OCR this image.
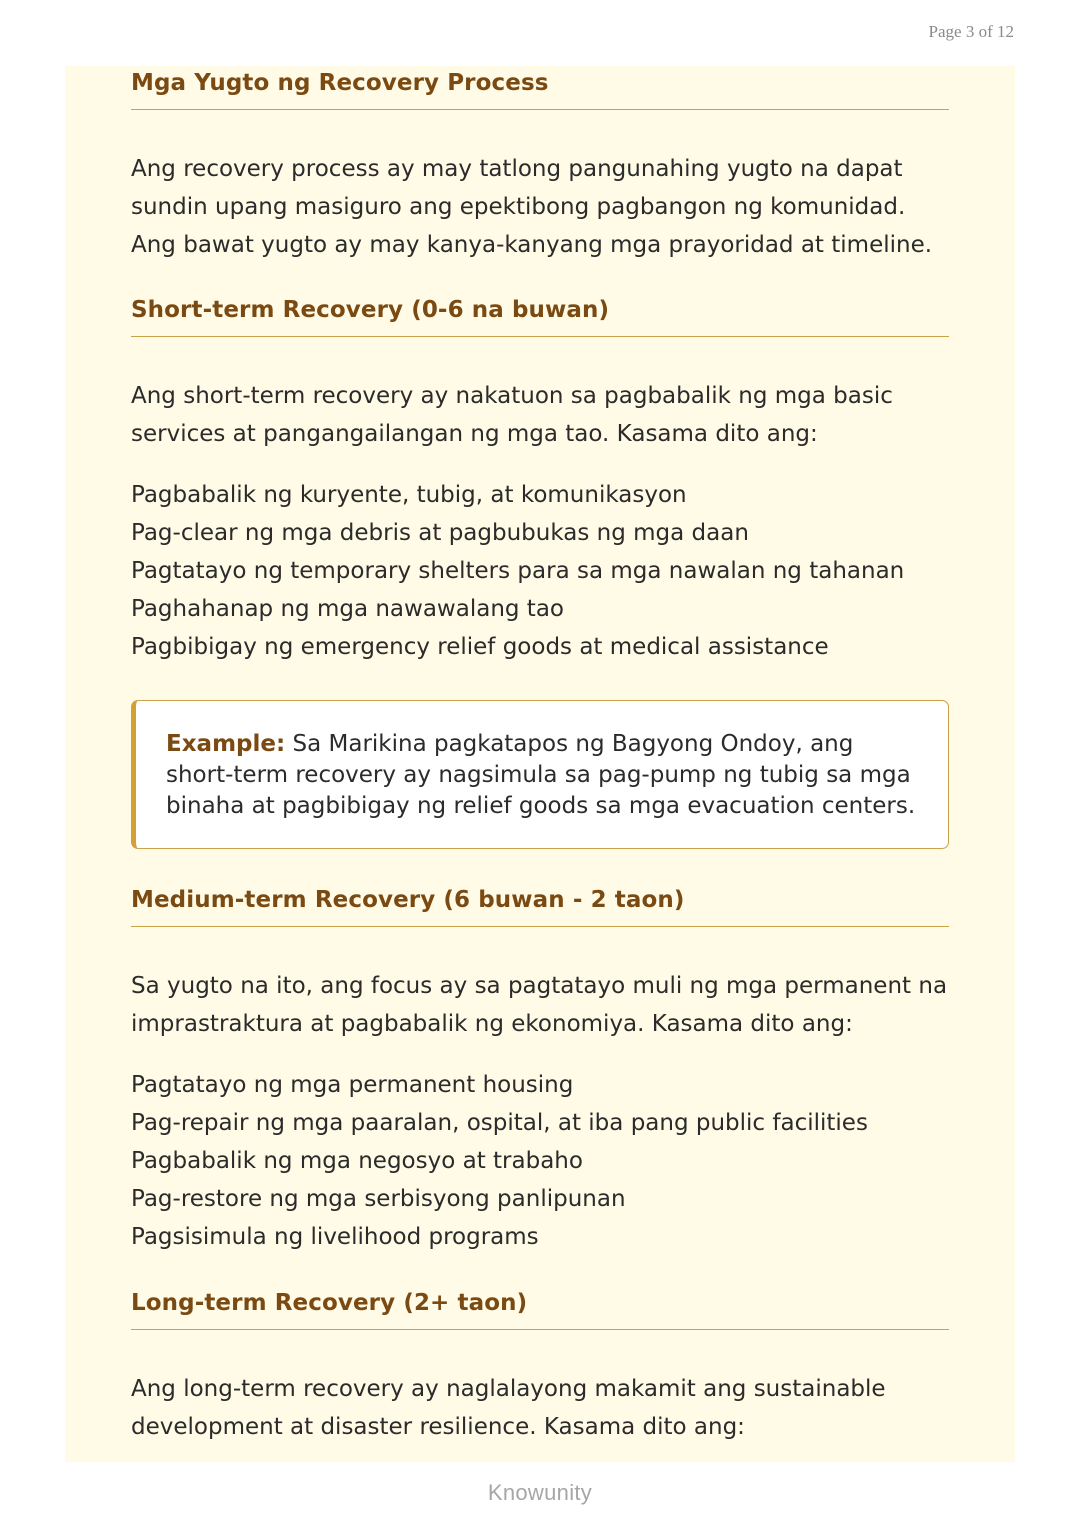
Page 3 of 12
Mga Yugto ng Recovery Process

Ang recovery process ay may tatlong pangunahing yugto na dapat sundin upang masiguro ang epektibong pagbangon ng komunidad. Ang bawat yugto ay may kanya-kanyang mga prayoridad at timeline.

Short-term Recovery (0-6 na buwan)

Ang short-term recovery ay nakatuon sa pagbabalik ng mga basic services at pangangailangan ng mga tao. Kasama dito ang:

Pagbabalik ng kuryente, tubig, at komunikasyon
Pag-clear ng mga debris at pagbubukas ng mga daan
Pagtatayo ng temporary shelters para sa mga nawalan ng tahanan
Paghahanap ng mga nawawalang tao
Pagbibigay ng emergency relief goods at medical assistance
Example: Sa Marikina pagkatapos ng Bagyong Ondoy, ang short-term recovery ay nagsimula sa pag-pump ng tubig sa mga binaha at pagbibigay ng relief goods sa mga evacuation centers.
Medium-term Recovery (6 buwan - 2 taon)

Sa yugto na ito, ang focus ay sa pagtatayo muli ng mga permanent na imprastraktura at pagbabalik ng ekonomiya. Kasama dito ang:

Pagtatayo ng mga permanent housing
Pag-repair ng mga paaralan, ospital, at iba pang public facilities
Pagbabalik ng mga negosyo at trabaho
Pag-restore ng mga serbisyong panlipunan
Pagsisimula ng livelihood programs
Long-term Recovery (2+ taon)

Ang long-term recovery ay naglalayong makamit ang sustainable development at disaster resilience. Kasama dito ang:

Knowunity
